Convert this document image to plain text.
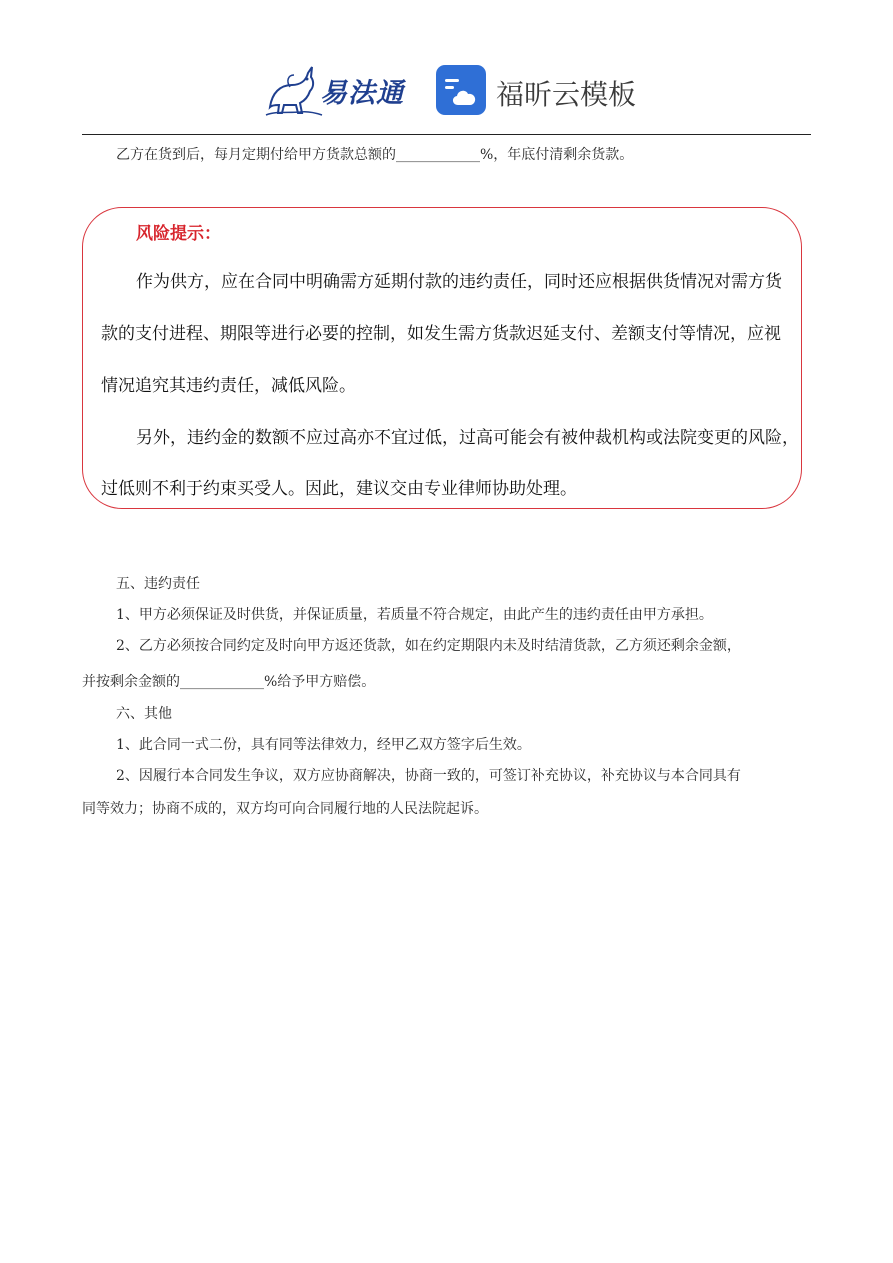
易法通	福昕云模板
乙方在货到后，每月定期付给甲方货款总额的____________%，年底付清剩余货款。
风险提示：
作为供方，应在合同中明确需方延期付款的违约责任，同时还应根据供货情况对需方货
款的支付进程、期限等进行必要的控制，如发生需方货款迟延支付、差额支付等情况，应视
情况追究其违约责任，减低风险。
另外，违约金的数额不应过高亦不宜过低，过高可能会有被仲裁机构或法院变更的风险，
过低则不利于约束买受人。因此，建议交由专业律师协助处理。
五、违约责任
1、甲方必须保证及时供货，并保证质量，若质量不符合规定，由此产生的违约责任由甲方承担。
2、乙方必须按合同约定及时向甲方返还货款，如在约定期限内未及时结清货款，乙方须还剩余金额，
并按剩余金额的____________%给予甲方赔偿。
六、其他
1、此合同一式二份，具有同等法律效力，经甲乙双方签字后生效。
2、因履行本合同发生争议，双方应协商解决，协商一致的，可签订补充协议，补充协议与本合同具有
同等效力；协商不成的，双方均可向合同履行地的人民法院起诉。
